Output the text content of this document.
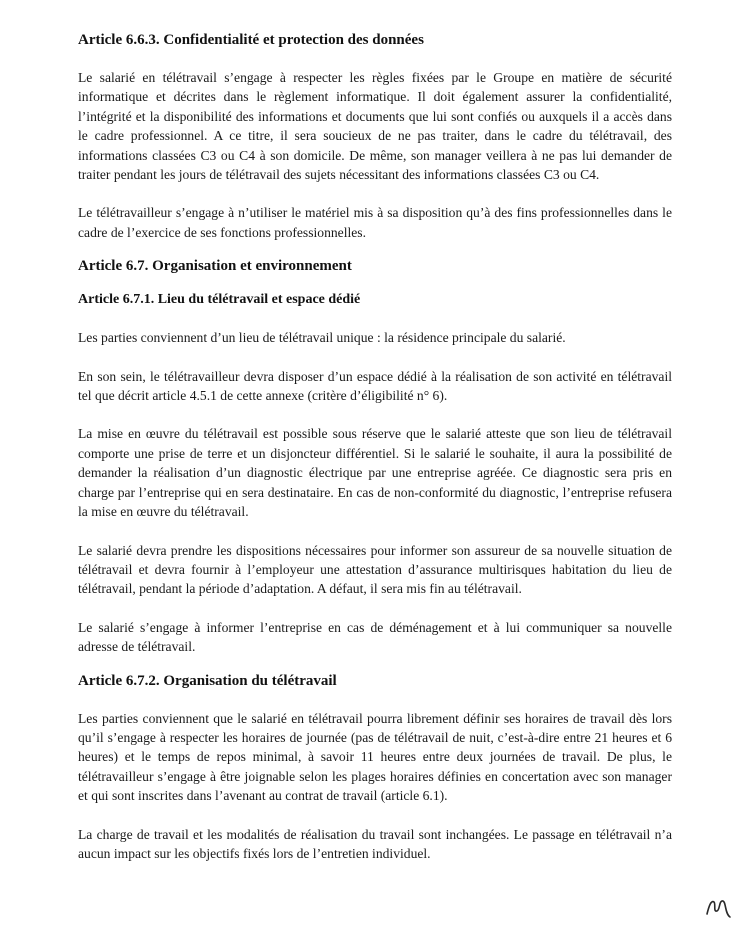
Article 6.6.3. Confidentialité et protection des données

Le salarié en télétravail s’engage à respecter les règles fixées par le Groupe en matière de sécurité informatique et décrites dans le règlement informatique. Il doit également assurer la confidentialité, l’intégrité et la disponibilité des informations et documents que lui sont confiés ou auxquels il a accès dans le cadre professionnel. A ce titre, il sera soucieux de ne pas traiter, dans le cadre du télétravail, des informations classées C3 ou C4 à son domicile. De même, son manager veillera à ne pas lui demander de traiter pendant les jours de télétravail des sujets nécessitant des informations classées C3 ou C4.

Le télétravailleur s’engage à n’utiliser le matériel mis à sa disposition qu’à des fins professionnelles dans le cadre de l’exercice de ses fonctions professionnelles.

Article 6.7. Organisation et environnement
Article 6.7.1. Lieu du télétravail et espace dédié

Les parties conviennent d’un lieu de télétravail unique : la résidence principale du salarié.

En son sein, le télétravailleur devra disposer d’un espace dédié à la réalisation de son activité en télétravail tel que décrit article 4.5.1 de cette annexe (critère d’éligibilité n° 6).

La mise en œuvre du télétravail est possible sous réserve que le salarié atteste que son lieu de télétravail comporte une prise de terre et un disjoncteur différentiel. Si le salarié le souhaite, il aura la possibilité de demander la réalisation d’un diagnostic électrique par une entreprise agréée. Ce diagnostic sera pris en charge par l’entreprise qui en sera destinataire. En cas de non-conformité du diagnostic, l’entreprise refusera la mise en œuvre du télétravail.

Le salarié devra prendre les dispositions nécessaires pour informer son assureur de sa nouvelle situation de télétravail et devra fournir à l’employeur une attestation d’assurance multirisques habitation du lieu de télétravail, pendant la période d’adaptation. A défaut, il sera mis fin au télétravail.

Le salarié s’engage à informer l’entreprise en cas de déménagement et à lui communiquer sa nouvelle adresse de télétravail.

Article 6.7.2. Organisation du télétravail

Les parties conviennent que le salarié en télétravail pourra librement définir ses horaires de travail dès lors qu’il s’engage à respecter les horaires de journée (pas de télétravail de nuit, c’est-à-dire entre 21 heures et 6 heures) et le temps de repos minimal, à savoir 11 heures entre deux journées de travail. De plus, le télétravailleur s’engage à être joignable selon les plages horaires définies en concertation avec son manager et qui sont inscrites dans l’avenant au contrat de travail (article 6.1).

La charge de travail et les modalités de réalisation du travail sont inchangées. Le passage en télétravail n’a aucun impact sur les objectifs fixés lors de l’entretien individuel.
